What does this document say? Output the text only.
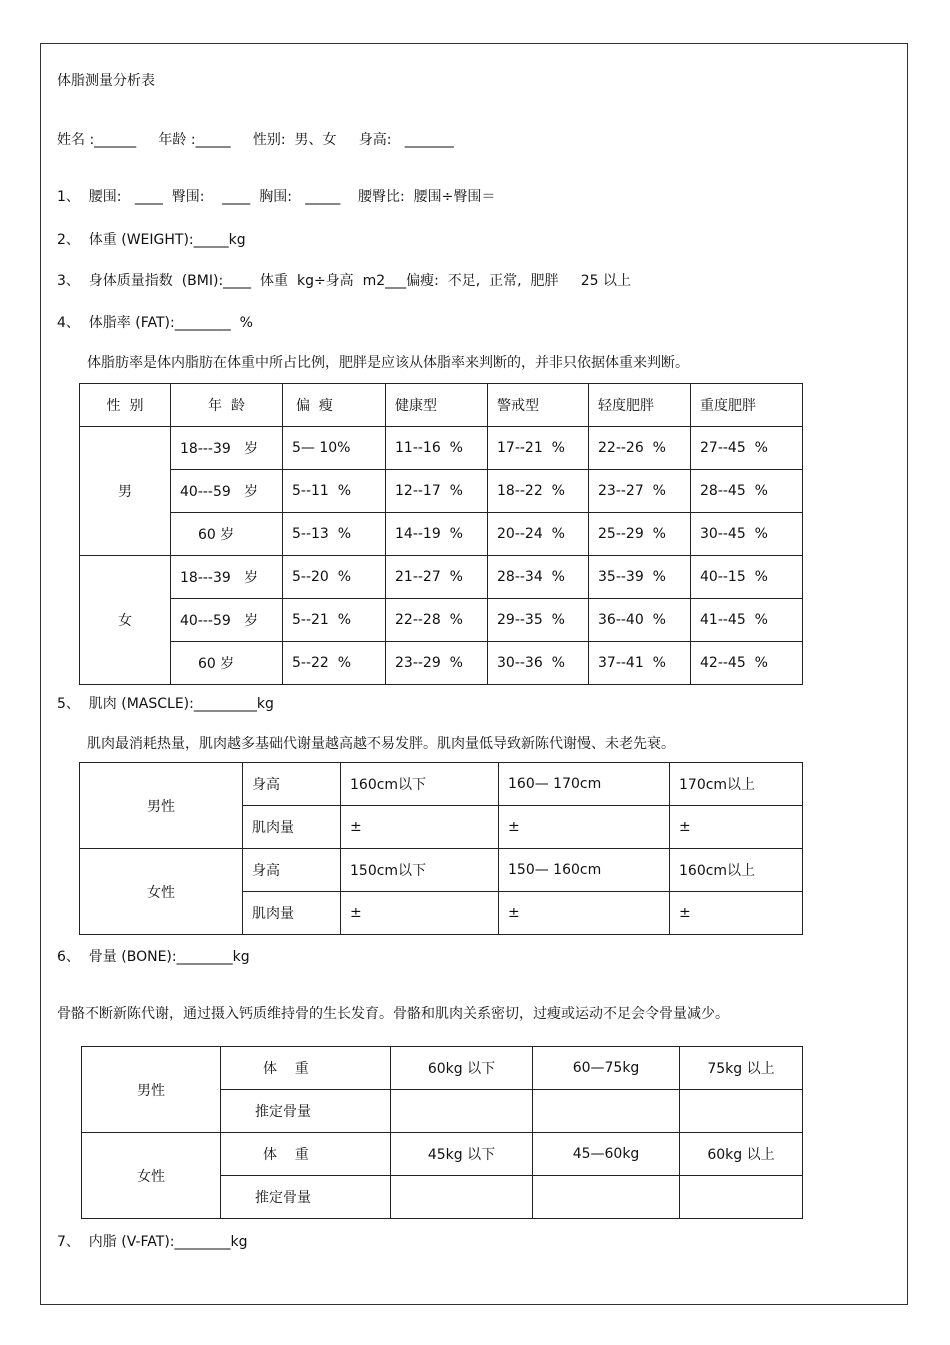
体脂测量分析表
姓名 :______     年龄 :_____     性别:  男、女     身高:   _______
1、  腰围:   ____  臀围:    ____  胸围:   _____    腰臀比:  腰围÷臀围＝
2、  体重 (WEIGHT):_____kg
3、  身体质量指数  (BMI):____  体重  kg÷身高  m2___偏瘦:  不足,  正常,  肥胖     25 以上
4、  体脂率 (FAT):________  %
体脂肪率是体内脂肪在体重中所占比例，肥胖是应该从体脂率来判断的，并非只依据体重来判断。
性  别	年  龄	偏  瘦	健康型	警戒型	轻度肥胖	重度肥胖
男	18---39   岁	5— 10%	11--16  %	17--21  %	22--26  %	27--45  %
	40---59   岁	5--11  %	12--17  %	18--22  %	23--27  %	28--45  %
	60 岁	5--13  %	14--19  %	20--24  %	25--29  %	30--45  %
女	18---39   岁	5--20  %	21--27  %	28--34  %	35--39  %	40--15  %
	40---59   岁	5--21  %	22--28  %	29--35  %	36--40  %	41--45  %
	60 岁	5--22  %	23--29  %	30--36  %	37--41  %	42--45  %
5、  肌肉 (MASCLE):_________kg
肌肉最消耗热量，肌肉越多基础代谢量越高越不易发胖。肌肉量低导致新陈代谢慢、未老先衰。
男性	身高	160cm以下	160— 170cm	170cm以上
	肌肉量	±	±	±
女性	身高	150cm以下	150— 160cm	160cm以上
	肌肉量	±	±	±
6、  骨量 (BONE):________kg
骨骼不断新陈代谢，通过摄入钙质维持骨的生长发育。骨骼和肌肉关系密切，过瘦或运动不足会令骨量减少。
男性	体    重	60kg 以下	60—75kg	75kg 以上
	推定骨量			
女性	体    重	45kg 以下	45—60kg	60kg 以上
	推定骨量			
7、  内脂 (V-FAT):________kg
